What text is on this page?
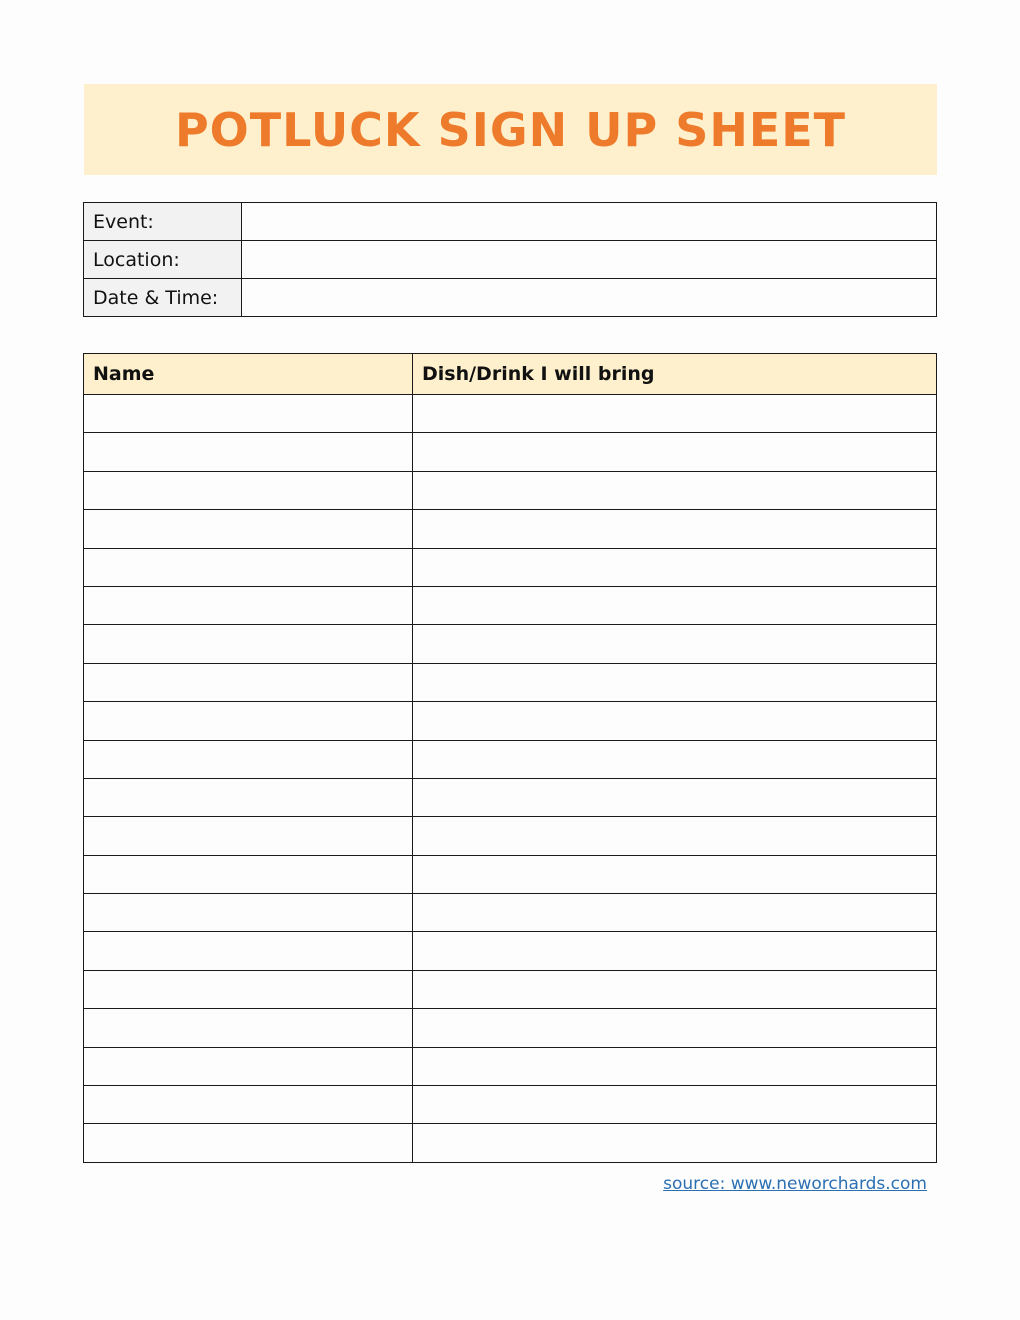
POTLUCK SIGN UP SHEET
Event:	
Location:	
Date & Time:	
Name	Dish/Drink I will bring

source: www.neworchards.com
